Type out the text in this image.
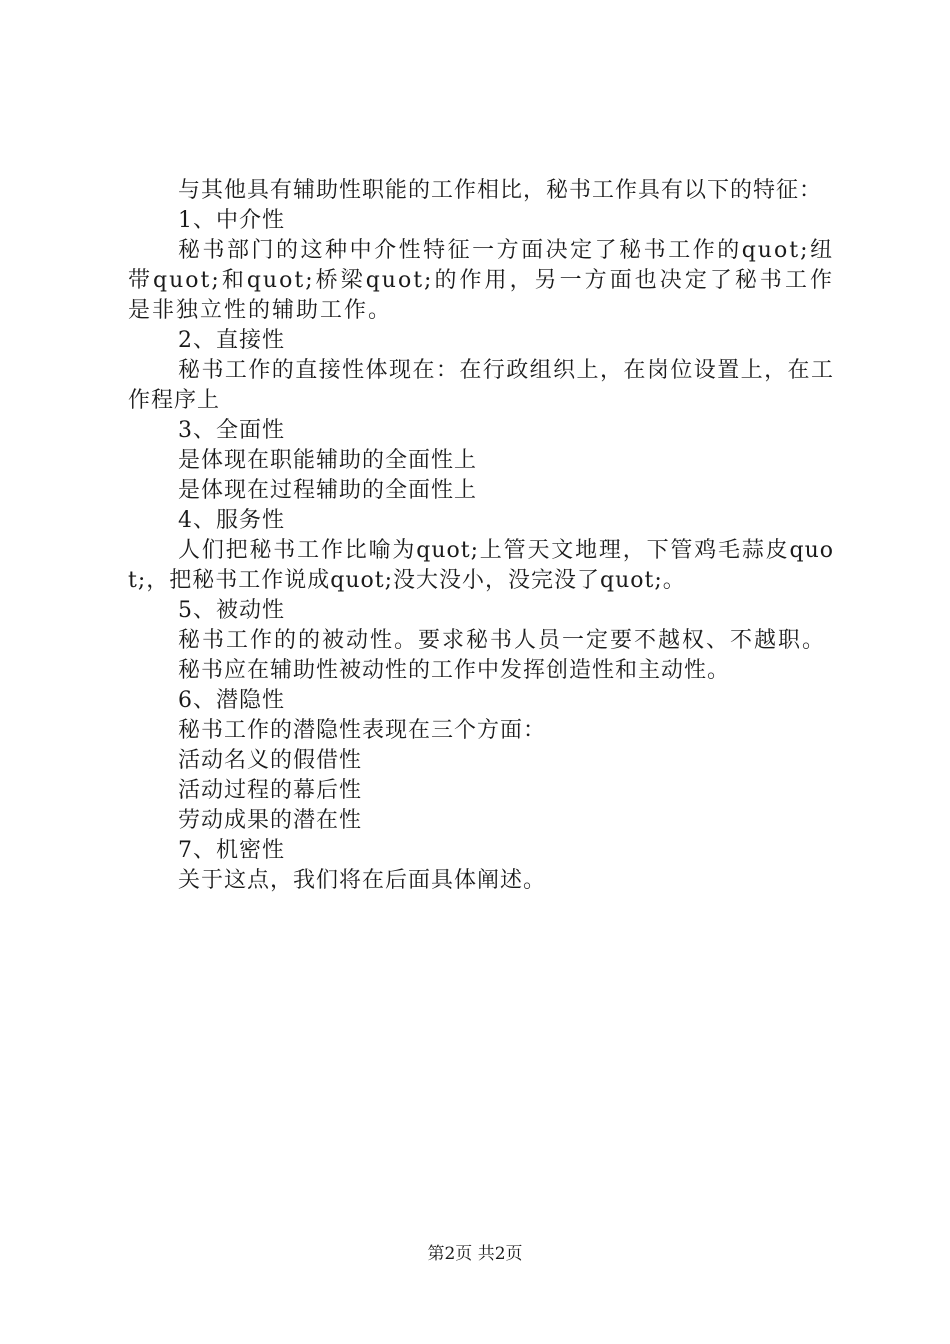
与其他具有辅助性职能的工作相比，秘书工作具有以下的特征：

1、中介性

秘书部门的这种中介性特征一方面决定了秘书工作的quot;纽带quot;和quot;桥梁quot;的作用，另一方面也决定了秘书工作是非独立性的辅助工作。

2、直接性

秘书工作的直接性体现在：在行政组织上，在岗位设置上，在工作程序上

3、全面性

是体现在职能辅助的全面性上

是体现在过程辅助的全面性上

4、服务性

人们把秘书工作比喻为quot;上管天文地理，下管鸡毛蒜皮quot;，把秘书工作说成quot;没大没小，没完没了quot;。

5、被动性

秘书工作的的被动性。要求秘书人员一定要不越权、不越职。

秘书应在辅助性被动性的工作中发挥创造性和主动性。

6、潜隐性

秘书工作的潜隐性表现在三个方面：

活动名义的假借性

活动过程的幕后性

劳动成果的潜在性

7、机密性

关于这点，我们将在后面具体阐述。

第2页 共2页
